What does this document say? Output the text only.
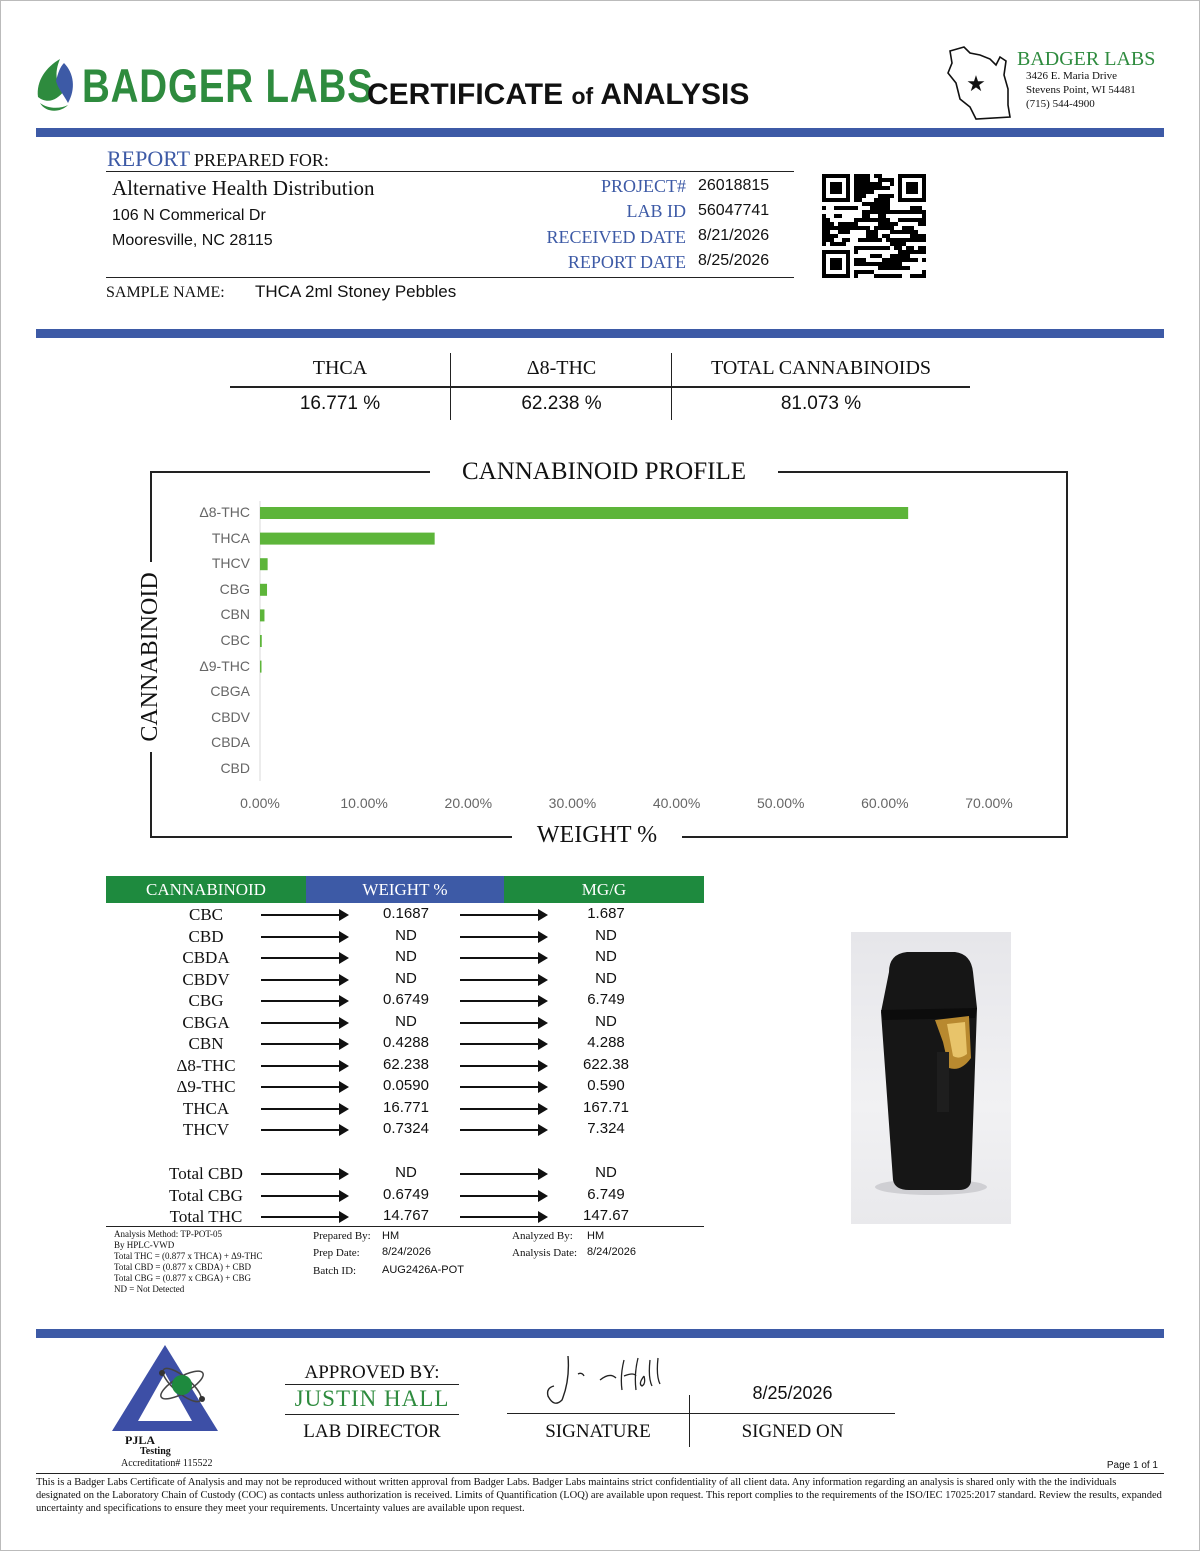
BADGER LABS
CERTIFICATE of ANALYSIS	★
BADGER LABS
3426 E. Maria Drive
Stevens Point, WI 54481
(715) 544-4900
REPORT PREPARED FOR:
Alternative Health Distribution
106 N Commerical Dr
Mooresville, NC 28115
PROJECT# 26018815
LAB ID 56047741
RECEIVED DATE 8/21/2026
REPORT DATE 8/25/2026
SAMPLE NAME: THCA 2ml Stoney Pebbles
THCA	Δ8-THC	TOTAL CANNABINOIDS
16.771 %	62.238 %	81.073 %
CANNABINOID PROFILE
WEIGHT %
CANNABINOID
Δ8-THC
THCA
THCV
CBG
CBN
CBC
Δ9-THC
CBGA
CBDV
CBDA
CBD
0.00%	10.00%	20.00%	30.00%	40.00%	50.00%	60.00%	70.00%
CANNABINOID	WEIGHT %	MG/G
CBC	0.1687	1.687
CBD	ND	ND
CBDA	ND	ND
CBDV	ND	ND
CBG	0.6749	6.749
CBGA	ND	ND
CBN	0.4288	4.288
Δ8-THC	62.238	622.38
Δ9-THC	0.0590	0.590
THCA	16.771	167.71
THCV	0.7324	7.324
Total CBD	ND	ND
Total CBG	0.6749	6.749
Total THC	14.767	147.67
Analysis Method: TP-POT-05
By HPLC-VWD
Total THC = (0.877 x THCA) + Δ9-THC
Total CBD = (0.877 x CBDA) + CBD
Total CBG = (0.877 x CBGA) + CBG
ND = Not Detected
Prepared By: HM
Prep Date: 8/24/2026
Batch ID: AUG2426A-POT
Analyzed By: HM
Analysis Date: 8/24/2026
PJLA
Testing
Accreditation# 115522
APPROVED BY:
JUSTIN HALL
LAB DIRECTOR	SIGNATURE
8/25/2026
SIGNED ON
Page 1 of 1
This is a Badger Labs Certificate of Analysis and may not be reproduced without written approval from Badger Labs. Badger Labs maintains strict confidentiality of all client data. Any information regarding an analysis is shared only with the the individuals designated on the Laboratory Chain of Custody (COC) as contacts unless authorization is received. Limits of Quantification (LOQ) are available upon request. This report complies to the requirements of the ISO/IEC 17025:2017 standard. Review the results, expanded uncertainty and specifications to ensure they meet your requirements. Uncertainty values are available upon request.
